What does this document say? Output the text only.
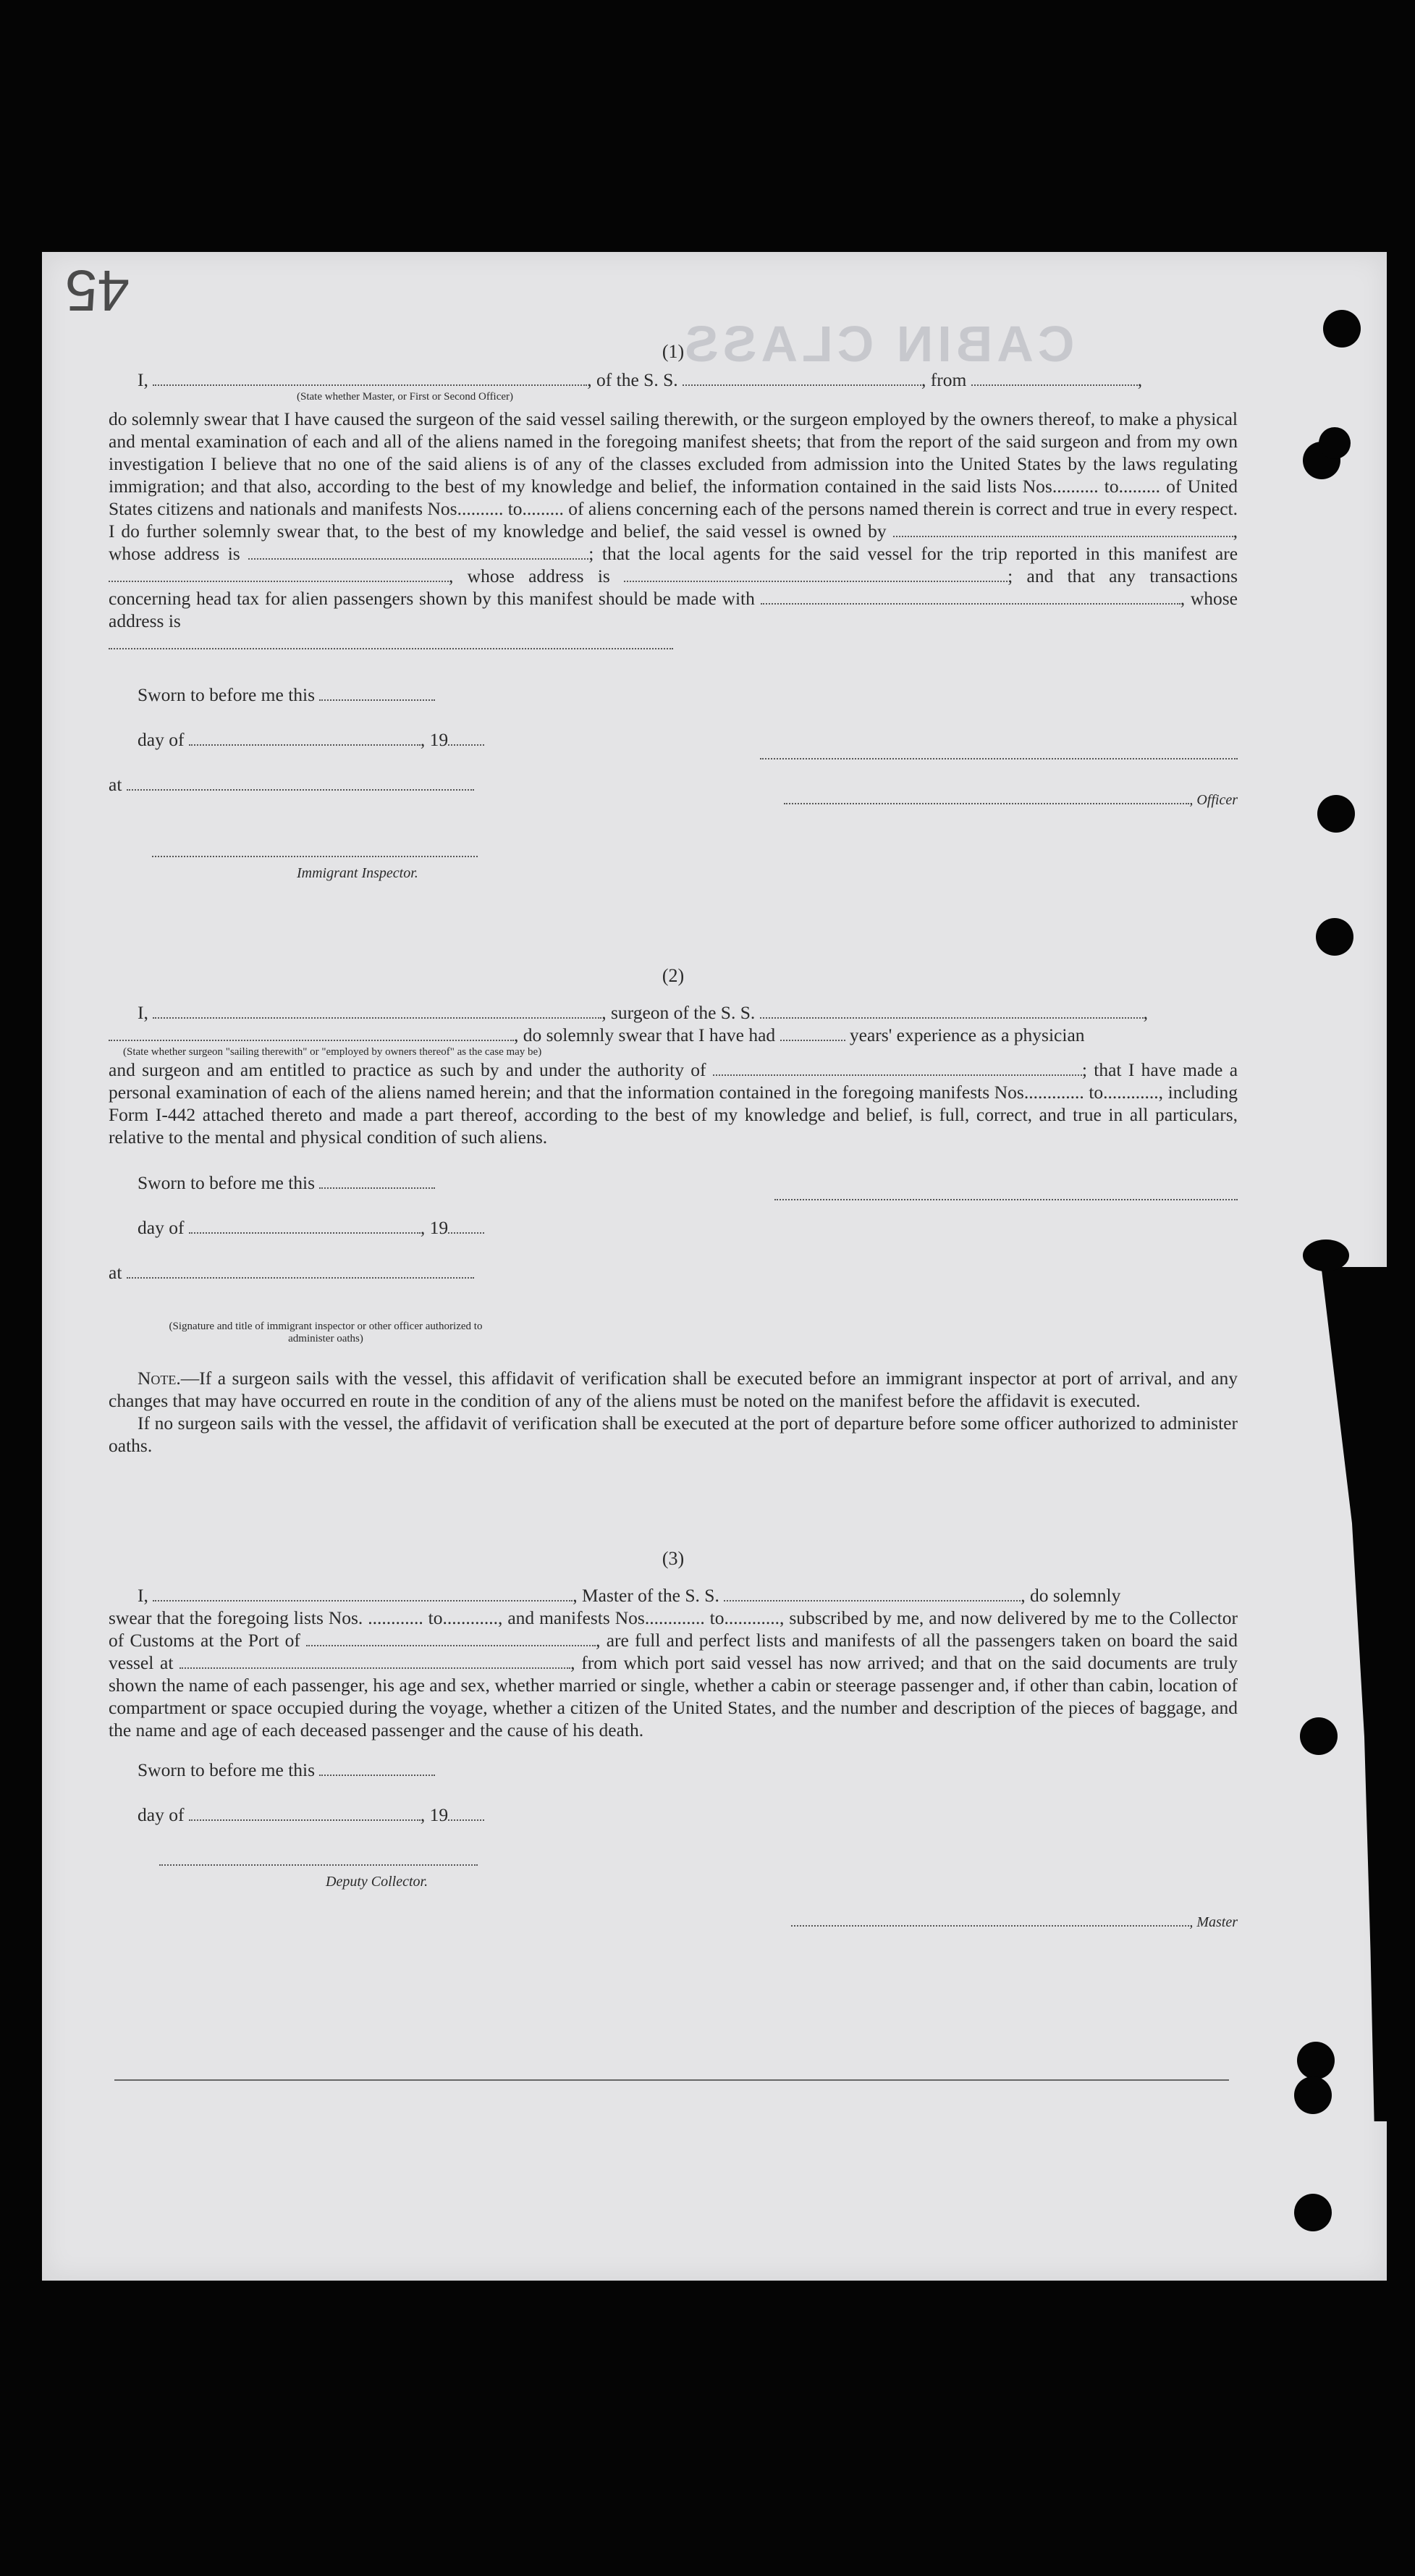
45
CABIN CLASS
(1)
I,	, of the S. S.	, from	,
(State whether Master, or First or Second Officer)

do solemnly swear that I have caused the surgeon of the said vessel sailing therewith, or the surgeon employed by the owners thereof, to make a physical and mental examination of each and all of the aliens named in the foregoing manifest sheets; that from the report of the said surgeon and from my own investigation I believe that no one of the said aliens is of any of the classes excluded from admission into the United States by the laws regulating immigration; and that also, according to the best of my knowledge and belief, the information contained in the said lists Nos.......... to......... of United States citizens and nationals and manifests Nos.......... to......... of aliens concerning each of the persons named therein is correct and true in every respect. I do further solemnly swear that, to the best of my knowledge and belief, the said vessel is owned by	, whose address is	; that the local agents for the said vessel for the trip reported in this manifest are , whose address is	; and that any transactions concerning head tax for alien passengers shown by this manifest should be made with	, whose address is

Sworn to before me this
day of	, 19
at
Immigrant Inspector.

, Officer
(2)
I,	, surgeon of the S. S.	,
, do solemnly swear that I have had	years' experience as a physician
(State whether surgeon "sailing therewith" or "employed by owners thereof" as the case may be)

and surgeon and am entitled to practice as such by and under the authority of	; that I have made a personal examination of each of the aliens named herein; and that the information contained in the foregoing manifests Nos............. to............, including Form I-442 attached thereto and made a part thereof, according to the best of my knowledge and belief, is full, correct, and true in all particulars, relative to the mental and physical condition of such aliens.

Sworn to before me this
day of	, 19
at
(Signature and title of immigrant inspector or other officer authorized to administer oaths)

Note.—If a surgeon sails with the vessel, this affidavit of verification shall be executed before an immigrant inspector at port of arrival, and any changes that may have occurred en route in the condition of any of the aliens must be noted on the manifest before the affidavit is executed.

If no surgeon sails with the vessel, the affidavit of verification shall be executed at the port of departure before some officer authorized to administer oaths.

(3)
I,	, Master of the S. S.	, do solemnly

swear that the foregoing lists Nos. ............ to............, and manifests Nos............. to............, subscribed by me, and now delivered by me to the Collector of Customs at the Port of	, are full and perfect lists and manifests of all the passengers taken on board the said vessel at	, from which port said vessel has now arrived; and that on the said documents are truly shown the name of each passenger, his age and sex, whether married or single, whether a cabin or steerage passenger and, if other than cabin, location of compartment or space occupied during the voyage, whether a citizen of the United States, and the number and description of the pieces of baggage, and the name and age of each deceased passenger and the cause of his death.

Sworn to before me this
day of	, 19
Deputy Collector.
, Master
